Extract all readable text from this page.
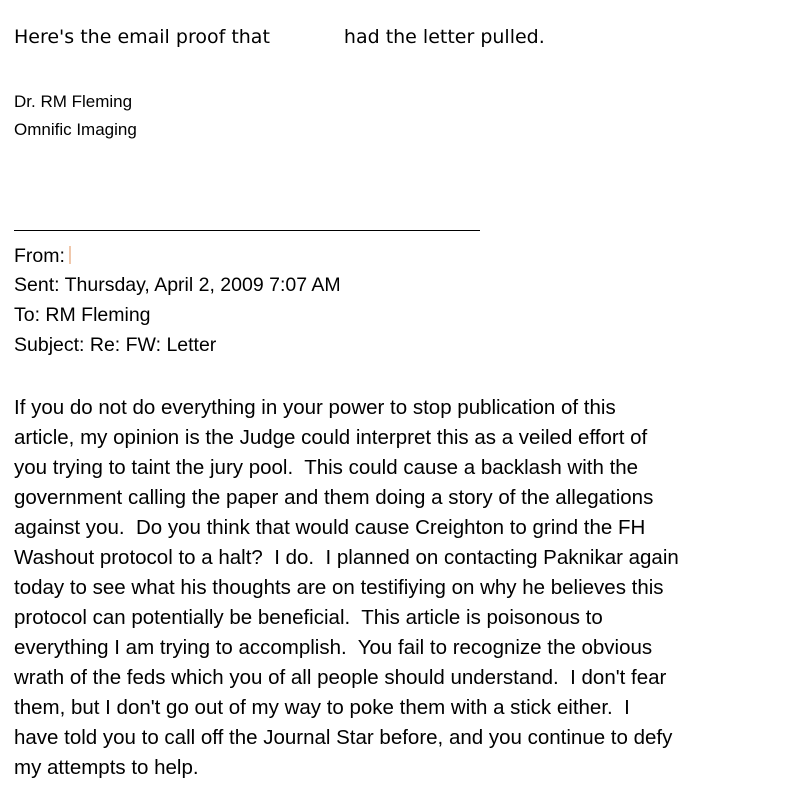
Here's the email proof that	had the letter pulled.
Dr. RM Fleming
Omnific Imaging
From:
Sent: Thursday, April 2, 2009 7:07 AM
To: RM Fleming
Subject: Re: FW: Letter
If you do not do everything in your power to stop publication of this
article, my opinion is the Judge could interpret this as a veiled effort of
you trying to taint the jury pool.  This could cause a backlash with the
government calling the paper and them doing a story of the allegations
against you.  Do you think that would cause Creighton to grind the FH
Washout protocol to a halt?  I do.  I planned on contacting Paknikar again
today to see what his thoughts are on testifiying on why he believes this
protocol can potentially be beneficial.  This article is poisonous to
everything I am trying to accomplish.  You fail to recognize the obvious
wrath of the feds which you of all people should understand.  I don't fear
them, but I don't go out of my way to poke them with a stick either.  I
have told you to call off the Journal Star before, and you continue to defy
my attempts to help.
